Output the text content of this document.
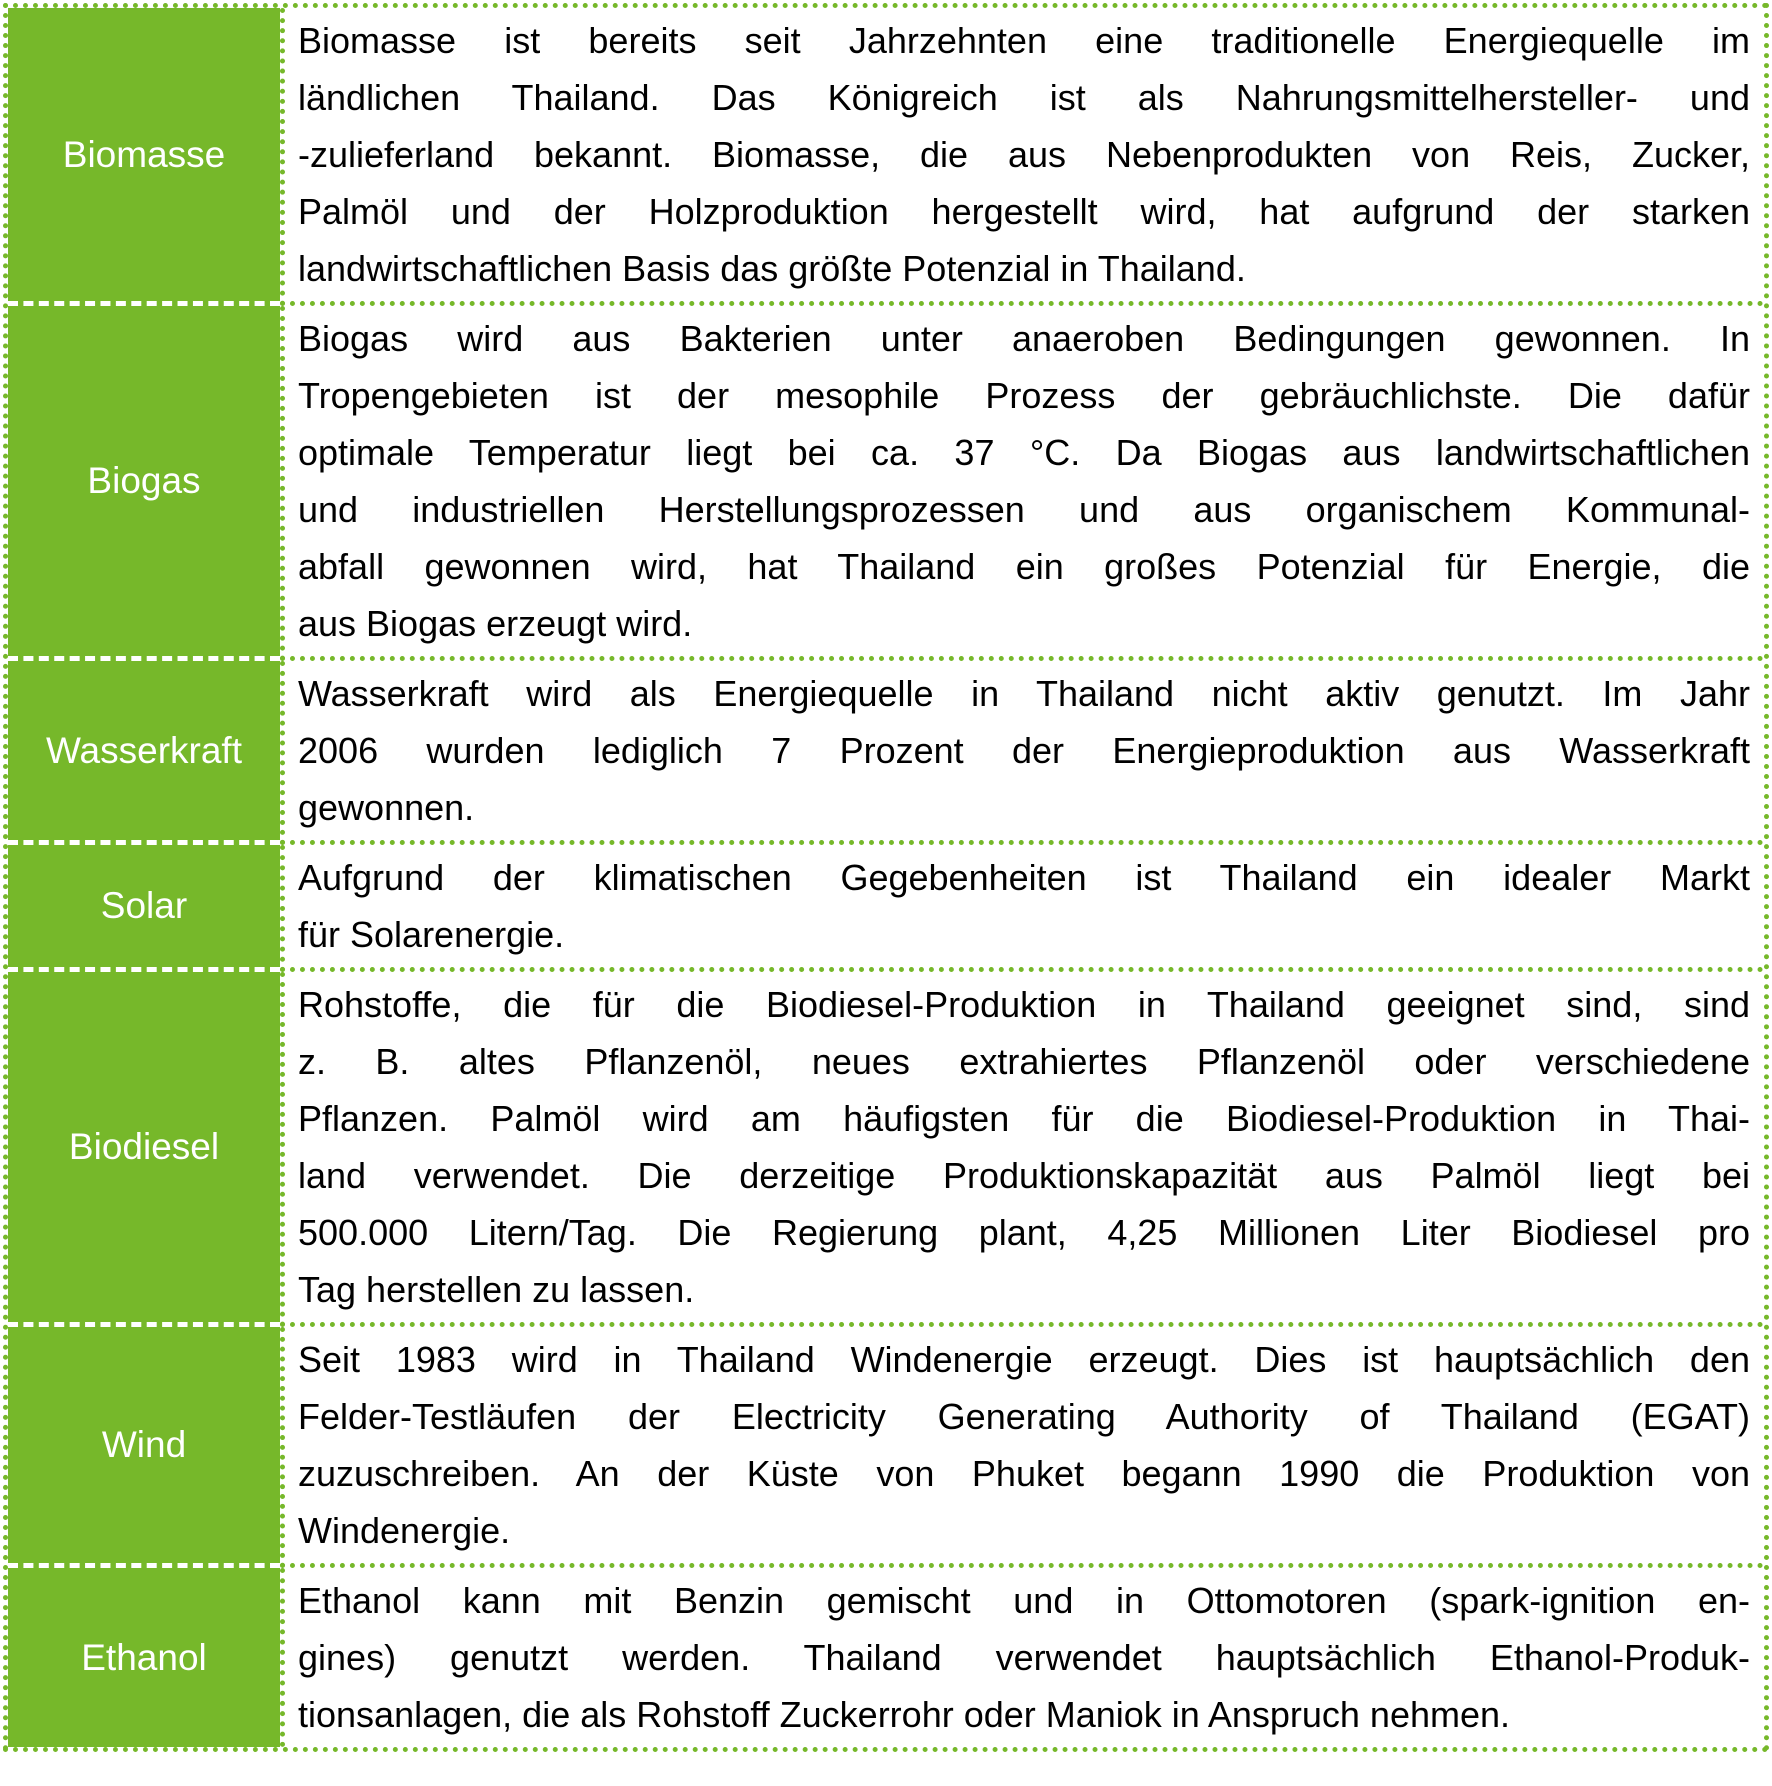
Biomasse
Biomasse ist bereits seit Jahrzehnten eine traditionelle Energiequelle im
ländlichen Thailand. Das Königreich ist als Nahrungsmittelhersteller- und
-zulieferland bekannt. Biomasse, die aus Nebenprodukten von Reis, Zucker,
Palmöl und der Holzproduktion hergestellt wird, hat aufgrund der starken
landwirtschaftlichen Basis das größte Potenzial in Thailand.
Biogas
Biogas wird aus Bakterien unter anaeroben Bedingungen gewonnen. In
Tropengebieten ist der mesophile Prozess der gebräuchlichste. Die dafür
optimale Temperatur liegt bei ca. 37 °C. Da Biogas aus landwirtschaftlichen
und industriellen Herstellungsprozessen und aus organischem Kommunal-
abfall gewonnen wird, hat Thailand ein großes Potenzial für Energie, die
aus Biogas erzeugt wird.
Wasserkraft
Wasserkraft wird als Energiequelle in Thailand nicht aktiv genutzt. Im Jahr
2006 wurden lediglich 7 Prozent der Energieproduktion aus Wasserkraft
gewonnen.
Solar
Aufgrund der klimatischen Gegebenheiten ist Thailand ein idealer Markt
für Solarenergie.
Biodiesel
Rohstoffe, die für die Biodiesel-Produktion in Thailand geeignet sind, sind
z. B. altes Pflanzenöl, neues extrahiertes Pflanzenöl oder verschiedene
Pflanzen. Palmöl wird am häufigsten für die Biodiesel-Produktion in Thai-
land verwendet. Die derzeitige Produktionskapazität aus Palmöl liegt bei
500.000 Litern/Tag. Die Regierung plant, 4,25 Millionen Liter Biodiesel pro
Tag herstellen zu lassen.
Wind
Seit 1983 wird in Thailand Windenergie erzeugt. Dies ist hauptsächlich den
Felder-Testläufen der Electricity Generating Authority of Thailand (EGAT)
zuzuschreiben. An der Küste von Phuket begann 1990 die Produktion von
Windenergie.
Ethanol
Ethanol kann mit Benzin gemischt und in Ottomotoren (spark-ignition en-
gines) genutzt werden. Thailand verwendet hauptsächlich Ethanol-Produk-
tionsanlagen, die als Rohstoff Zuckerrohr oder Maniok in Anspruch nehmen.
